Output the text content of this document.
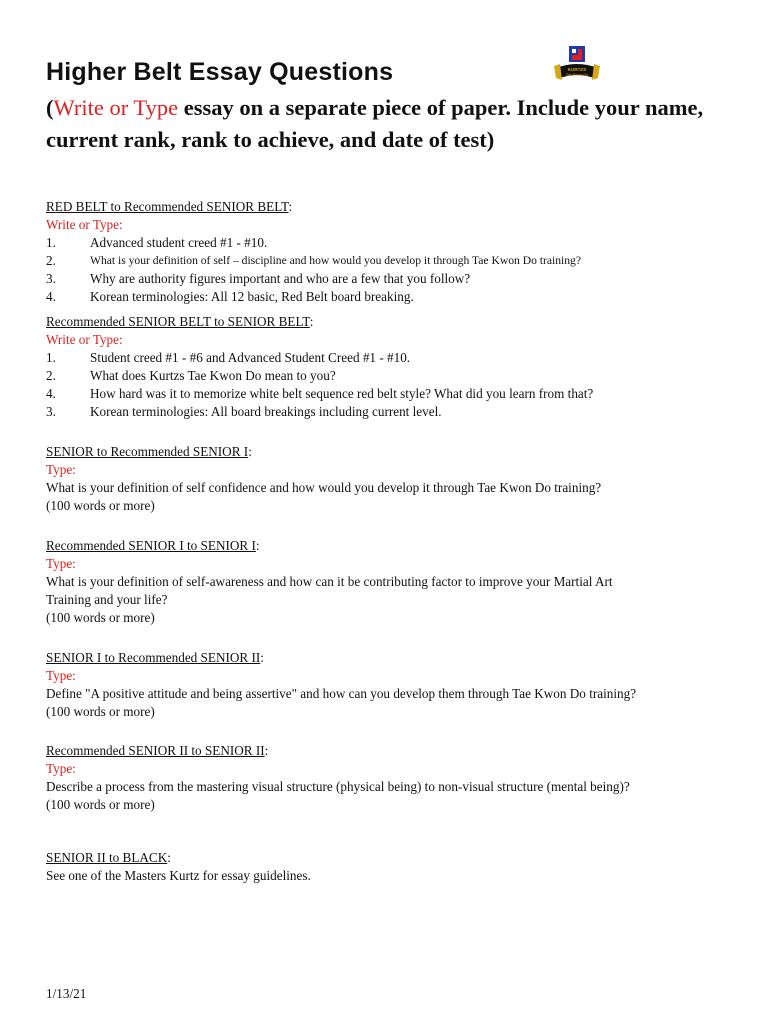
Higher Belt Essay Questions	KURTZS
Tae Kwon Do

(Write or Type essay on a separate piece of paper. Include your name, current rank, rank to achieve, and date of test)

RED BELT to Recommended SENIOR BELT:
Write or Type:
1.	Advanced student creed #1 - #10.
2.	What is your definition of self – discipline and how would you develop it through Tae Kwon Do training?
3.	Why are authority figures important and who are a few that you follow?
4.	Korean terminologies: All 12 basic, Red Belt board breaking.
Recommended SENIOR BELT to SENIOR BELT:
Write or Type:
1.	Student creed #1 - #6 and Advanced Student Creed #1 - #10.
2.	What does Kurtzs Tae Kwon Do mean to you?
4.	How hard was it to memorize white belt sequence red belt style? What did you learn from that?
3.	Korean terminologies: All board breakings including current level.
SENIOR to Recommended SENIOR I:
Type:

What is your definition of self confidence and how would you develop it through Tae Kwon Do training?

(100 words or more)

Recommended SENIOR I to SENIOR I:
Type:

What is your definition of self-awareness and how can it be contributing factor to improve your Martial Art

Training and your life?

(100 words or more)

SENIOR I to Recommended SENIOR II:
Type:

Define "A positive attitude and being assertive" and how can you develop them through Tae Kwon Do training?

(100 words or more)

Recommended SENIOR II to SENIOR II:
Type:

Describe a process from the mastering visual structure (physical being) to non-visual structure (mental being)?

(100 words or more)

SENIOR II to BLACK:

See one of the Masters Kurtz for essay guidelines.

1/13/21
